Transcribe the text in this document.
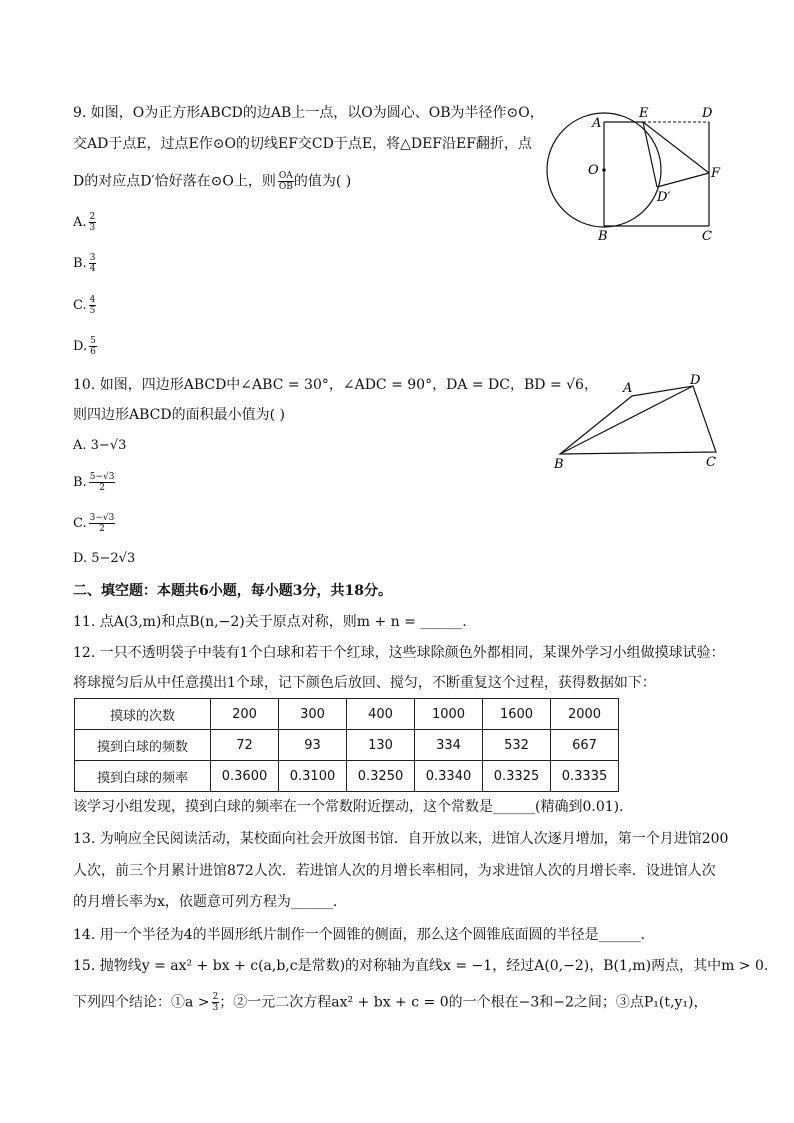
9. 如图，O为正方形ABCD的边AB上一点，以O为圆心、OB为半径作⊙O，
交AD于点E，过点E作⊙O的切线EF交CD于点E，将△DEF沿EF翻折，点
D的对应点D′恰好落在⊙O上，则 $\frac{OA}{OB}$ 的值为( )
A. $\frac{2}{3}$
B. $\frac{3}{4}$
C. $\frac{4}{5}$
D. $\frac{5}{6}$
A
E	D
O	F
D′
B	C
10. 如图，四边形ABCD中∠ABC = 30°，∠ADC = 90°，DA = DC，BD = √6，
则四边形ABCD的面积最小值为( )
A. 3−√3
B. $\frac{5-√3}{2}$
C. $\frac{3-√3}{2}$
D. 5−2√3
A
D
B	C
二、填空题：本题共6小题，每小题3分，共18分。
11. 点A(3,m)和点B(n,−2)关于原点对称，则m + n = ______.
12. 一只不透明袋子中装有1个白球和若干个红球，这些球除颜色外都相同，某课外学习小组做摸球试验：
将球搅匀后从中任意摸出1个球，记下颜色后放回、搅匀，不断重复这个过程，获得数据如下：
摸球的次数	200	300	400	1000	1600	2000
摸到白球的频数	72	93	130	334	532	667
摸到白球的频率	0.3600	0.3100	0.3250	0.3340	0.3325	0.3335
该学习小组发现，摸到白球的频率在一个常数附近摆动，这个常数是______(精确到0.01).
13. 为响应全民阅读活动，某校面向社会开放图书馆．自开放以来，进馆人次逐月增加，第一个月进馆200
人次，前三个月累计进馆872人次．若进馆人次的月增长率相同，为求进馆人次的月增长率．设进馆人次
的月增长率为x，依题意可列方程为______.
14. 用一个半径为4的半圆形纸片制作一个圆锥的侧面，那么这个圆锥底面圆的半径是______.
15. 抛物线y = ax² + bx + c(a,b,c是常数)的对称轴为直线x = −1，经过A(0,−2)，B(1,m)两点，其中m > 0.
下列四个结论：①a > $\frac{2}{3}$ ；②一元二次方程ax² + bx + c = 0的一个根在−3和−2之间；③点P₁(t,y₁)，
